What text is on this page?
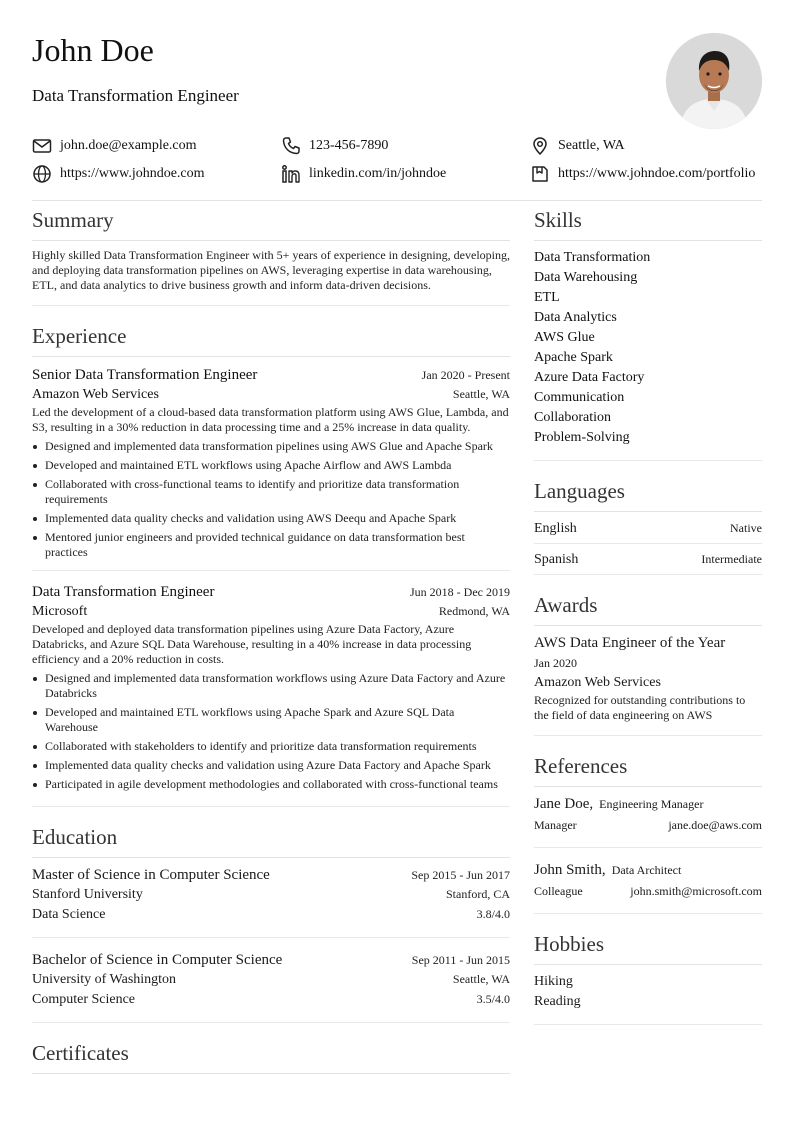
John Doe
Data Transformation Engineer
john.doe@example.com	123-456-7890	Seattle, WA
https://www.johndoe.com	linkedin.com/in/johndoe	https://www.johndoe.com/portfolio
Summary
Highly skilled Data Transformation Engineer with 5+ years of experience in designing, developing, and deploying data transformation pipelines on AWS, leveraging expertise in data warehousing, ETL, and data analytics to drive business growth and inform data-driven decisions.
Experience
Senior Data Transformation Engineer	Jan 2020 - Present
Amazon Web Services	Seattle, WA
Led the development of a cloud-based data transformation platform using AWS Glue, Lambda, and S3, resulting in a 30% reduction in data processing time and a 25% increase in data quality.
Designed and implemented data transformation pipelines using AWS Glue and Apache Spark
Developed and maintained ETL workflows using Apache Airflow and AWS Lambda
Collaborated with cross-functional teams to identify and prioritize data transformation requirements
Implemented data quality checks and validation using AWS Deequ and Apache Spark
Mentored junior engineers and provided technical guidance on data transformation best practices
Data Transformation Engineer	Jun 2018 - Dec 2019
Microsoft	Redmond, WA
Developed and deployed data transformation pipelines using Azure Data Factory, Azure Databricks, and Azure SQL Data Warehouse, resulting in a 40% increase in data processing efficiency and a 20% reduction in costs.
Designed and implemented data transformation workflows using Azure Data Factory and Azure Databricks
Developed and maintained ETL workflows using Apache Spark and Azure SQL Data Warehouse
Collaborated with stakeholders to identify and prioritize data transformation requirements
Implemented data quality checks and validation using Azure Data Factory and Apache Spark
Participated in agile development methodologies and collaborated with cross-functional teams
Education
Master of Science in Computer Science	Sep 2015 - Jun 2017
Stanford University	Stanford, CA
Data Science	3.8/4.0
Bachelor of Science in Computer Science	Sep 2011 - Jun 2015
University of Washington	Seattle, WA
Computer Science	3.5/4.0
Certificates
Skills
Data Transformation
Data Warehousing
ETL
Data Analytics
AWS Glue
Apache Spark
Azure Data Factory
Communication
Collaboration
Problem-Solving
Languages
English	Native
Spanish	Intermediate
Awards
AWS Data Engineer of the Year
Jan 2020
Amazon Web Services
Recognized for outstanding contributions to the field of data engineering on AWS
References
Jane Doe, Engineering Manager
Manager	jane.doe@aws.com
John Smith, Data Architect
Colleague	john.smith@microsoft.com
Hobbies
Hiking
Reading
